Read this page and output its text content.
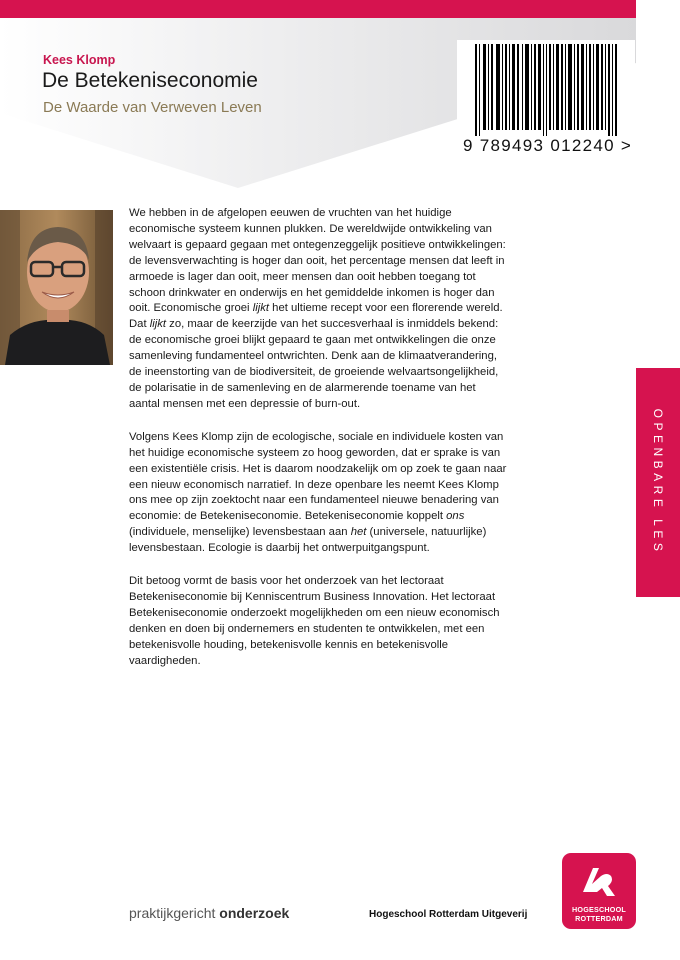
Kees Klomp
De Betekeniseconomie
De Waarde van Verweven Leven
9 789493 012240 >

We hebben in de afgelopen eeuwen de vruchten van het huidige economische systeem kunnen plukken. De wereldwijde ontwikkeling van welvaart is gepaard gegaan met ontegenzeggelijk positieve ontwikkelingen: de levensverwachting is hoger dan ooit, het percentage mensen dat leeft in armoede is lager dan ooit, meer mensen dan ooit hebben toegang tot schoon drinkwater en onderwijs en het gemiddelde inkomen is hoger dan ooit. Economische groei lijkt het ultieme recept voor een florerende wereld. Dat lijkt zo, maar de keerzijde van het succesverhaal is inmiddels bekend: de economische groei blijkt gepaard te gaan met ontwikkelingen die onze samenleving fundamenteel ontwrichten. Denk aan de klimaatverandering, de ineenstorting van de biodiversiteit, de groeiende welvaartsongelijkheid, de polarisatie in de samenleving en de alarmerende toename van het aantal mensen met een depressie of burn-out.

Volgens Kees Klomp zijn de ecologische, sociale en individuele kosten van het huidige economische systeem zo hoog geworden, dat er sprake is van een existentiële crisis. Het is daarom noodzakelijk om op zoek te gaan naar een nieuw economisch narratief. In deze openbare les neemt Kees Klomp ons mee op zijn zoektocht naar een fundamenteel nieuwe benadering van economie: de Betekeniseconomie. Betekeniseconomie koppelt ons (individuele, menselijke) levensbestaan aan het (universele, natuurlijke) levensbestaan. Ecologie is daarbij het ontwerpuitgangspunt.

Dit betoog vormt de basis voor het onderzoek van het lectoraat Betekeniseconomie bij Kenniscentrum Business Innovation. Het lectoraat Betekeniseconomie onderzoekt mogelijkheden om een nieuw economisch denken en doen bij ondernemers en studenten te ontwikkelen, met een betekenisvolle houding, betekenisvolle kennis en betekenisvolle vaardigheden.

OPENBARE LES
praktijkgericht onderzoek	Hogeschool Rotterdam Uitgeverij	HOGESCHOOL
ROTTERDAM
